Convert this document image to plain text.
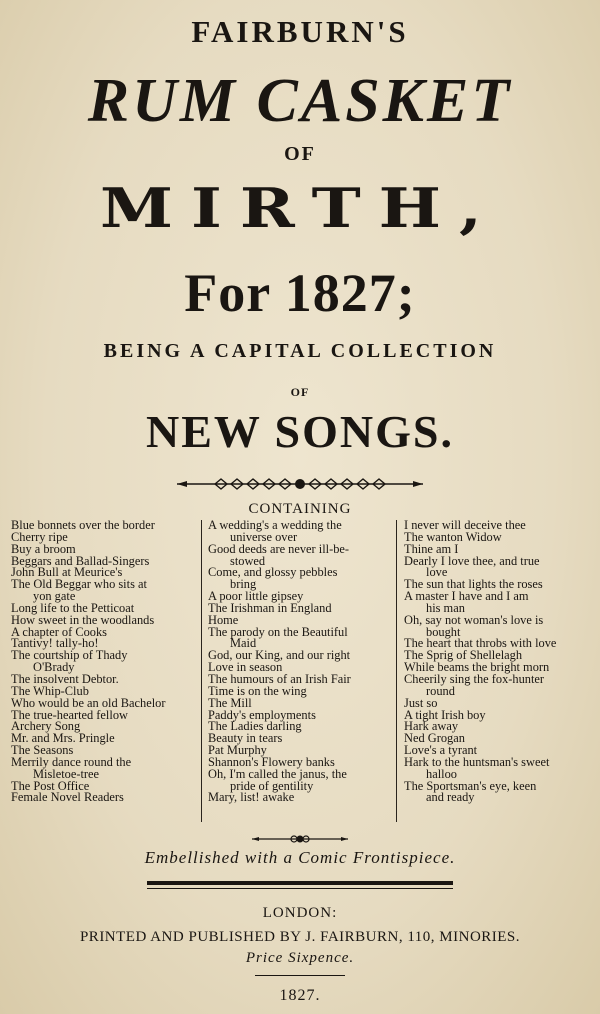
FAIRBURN'S
RUM CASKET
OF
MIRTH,
For 1827;
BEING A CAPITAL COLLECTION
OF
NEW SONGS.
CONTAINING
Blue bonnets over the border
Cherry ripe
Buy a broom
Beggars and Ballad-Singers
John Bull at Meurice's
The Old Beggar who sits at
yon gate
Long life to the Petticoat
How sweet in the woodlands
A chapter of Cooks
Tantivy! tally-ho!
The courtship of Thady
O'Brady
The insolvent Debtor.
The Whip-Club
Who would be an old Bachelor
The true-hearted fellow
Archery Song
Mr. and Mrs. Pringle
The Seasons
Merrily dance round the
Misletoe-tree
The Post Office
Female Novel Readers
A wedding's a wedding the
universe over
Good deeds are never ill-be-
stowed
Come, and glossy pebbles
bring
A poor little gipsey
The Irishman in England
Home
The parody on the Beautiful
Maid
God, our King, and our right
Love in season
The humours of an Irish Fair
Time is on the wing
The Mill
Paddy's employments
The Ladies darling
Beauty in tears
Pat Murphy
Shannon's Flowery banks
Oh, I'm called the janus, the
pride of gentility
Mary, list! awake
I never will deceive thee
The wanton Widow
Thine am I
Dearly I love thee, and true
love
The sun that lights the roses
A master I have and I am
his man
Oh, say not woman's love is
bought
The heart that throbs with love
The Sprig of Shellelagh
While beams the bright morn
Cheerily sing the fox-hunter
round
Just so
A tight Irish boy
Hark away
Ned Grogan
Love's a tyrant
Hark to the huntsman's sweet
halloo
The Sportsman's eye, keen
and ready
Embellished with a Comic Frontispiece.
LONDON:
PRINTED AND PUBLISHED BY J. FAIRBURN, 110, MINORIES.
Price Sixpence.
1827.
